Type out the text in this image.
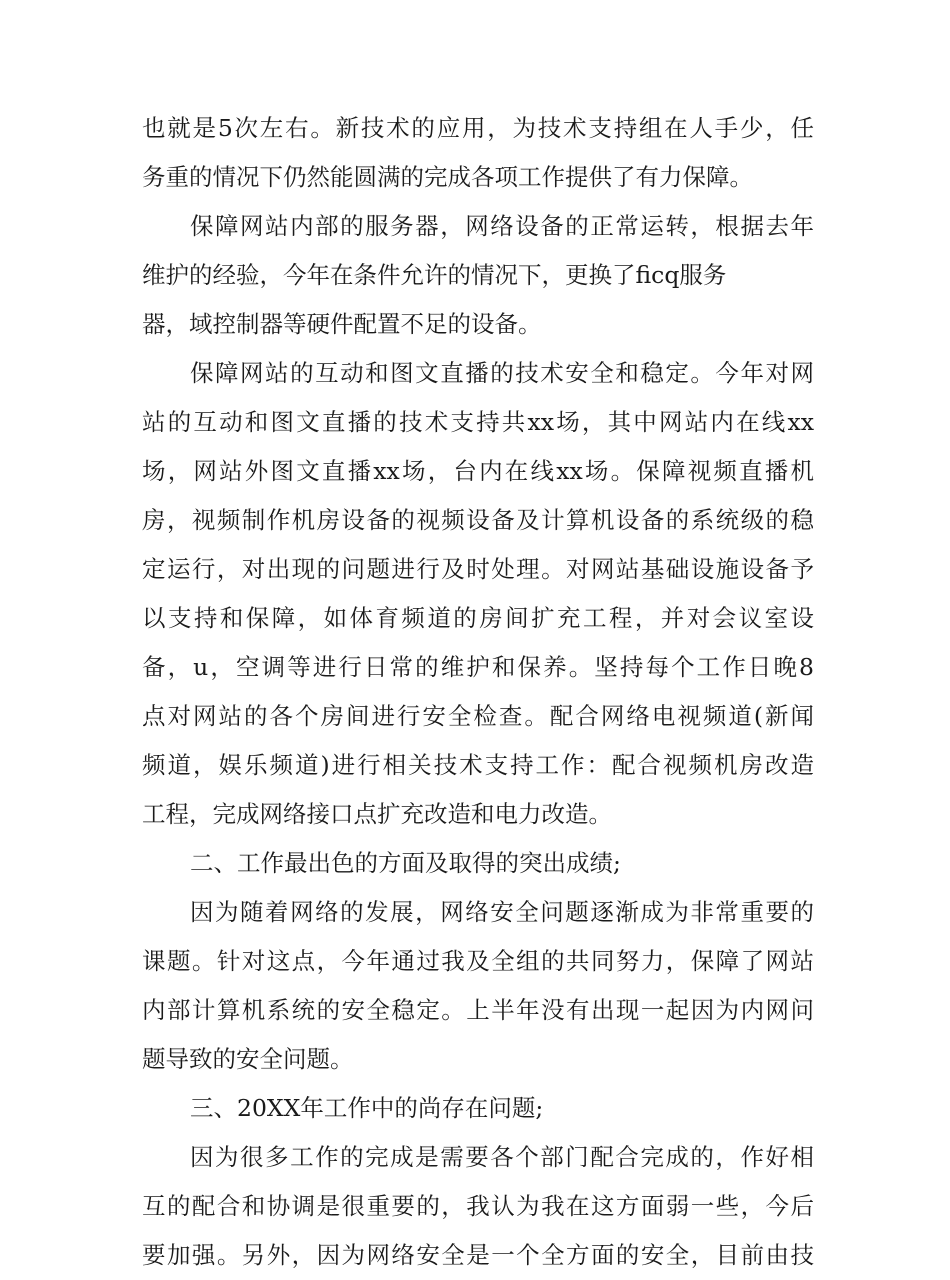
也就是5次左右。新技术的应用，为技术支持组在人手少，任
务重的情况下仍然能圆满的完成各项工作提供了有力保障。
保障网站内部的服务器，网络设备的正常运转，根据去年
维护的经验，今年在条件允许的情况下，更换了ficq服务
器，域控制器等硬件配置不足的设备。
保障网站的互动和图文直播的技术安全和稳定。今年对网
站的互动和图文直播的技术支持共xx场，其中网站内在线xx
场，网站外图文直播xx场，台内在线xx场。保障视频直播机
房，视频制作机房设备的视频设备及计算机设备的系统级的稳
定运行，对出现的问题进行及时处理。对网站基础设施设备予
以支持和保障，如体育频道的房间扩充工程，并对会议室设
备，u，空调等进行日常的维护和保养。坚持每个工作日晚8
点对网站的各个房间进行安全检查。配合网络电视频道(新闻
频道，娱乐频道)进行相关技术支持工作：配合视频机房改造
工程，完成网络接口点扩充改造和电力改造。
二、工作最出色的方面及取得的突出成绩;
因为随着网络的发展，网络安全问题逐渐成为非常重要的
课题。针对这点，今年通过我及全组的共同努力，保障了网站
内部计算机系统的安全稳定。上半年没有出现一起因为内网问
题导致的安全问题。
三、20XX年工作中的尚存在问题;
因为很多工作的完成是需要各个部门配合完成的，作好相
互的配合和协调是很重要的，我认为我在这方面弱一些，今后
要加强。另外，因为网络安全是一个全方面的安全，目前由技
